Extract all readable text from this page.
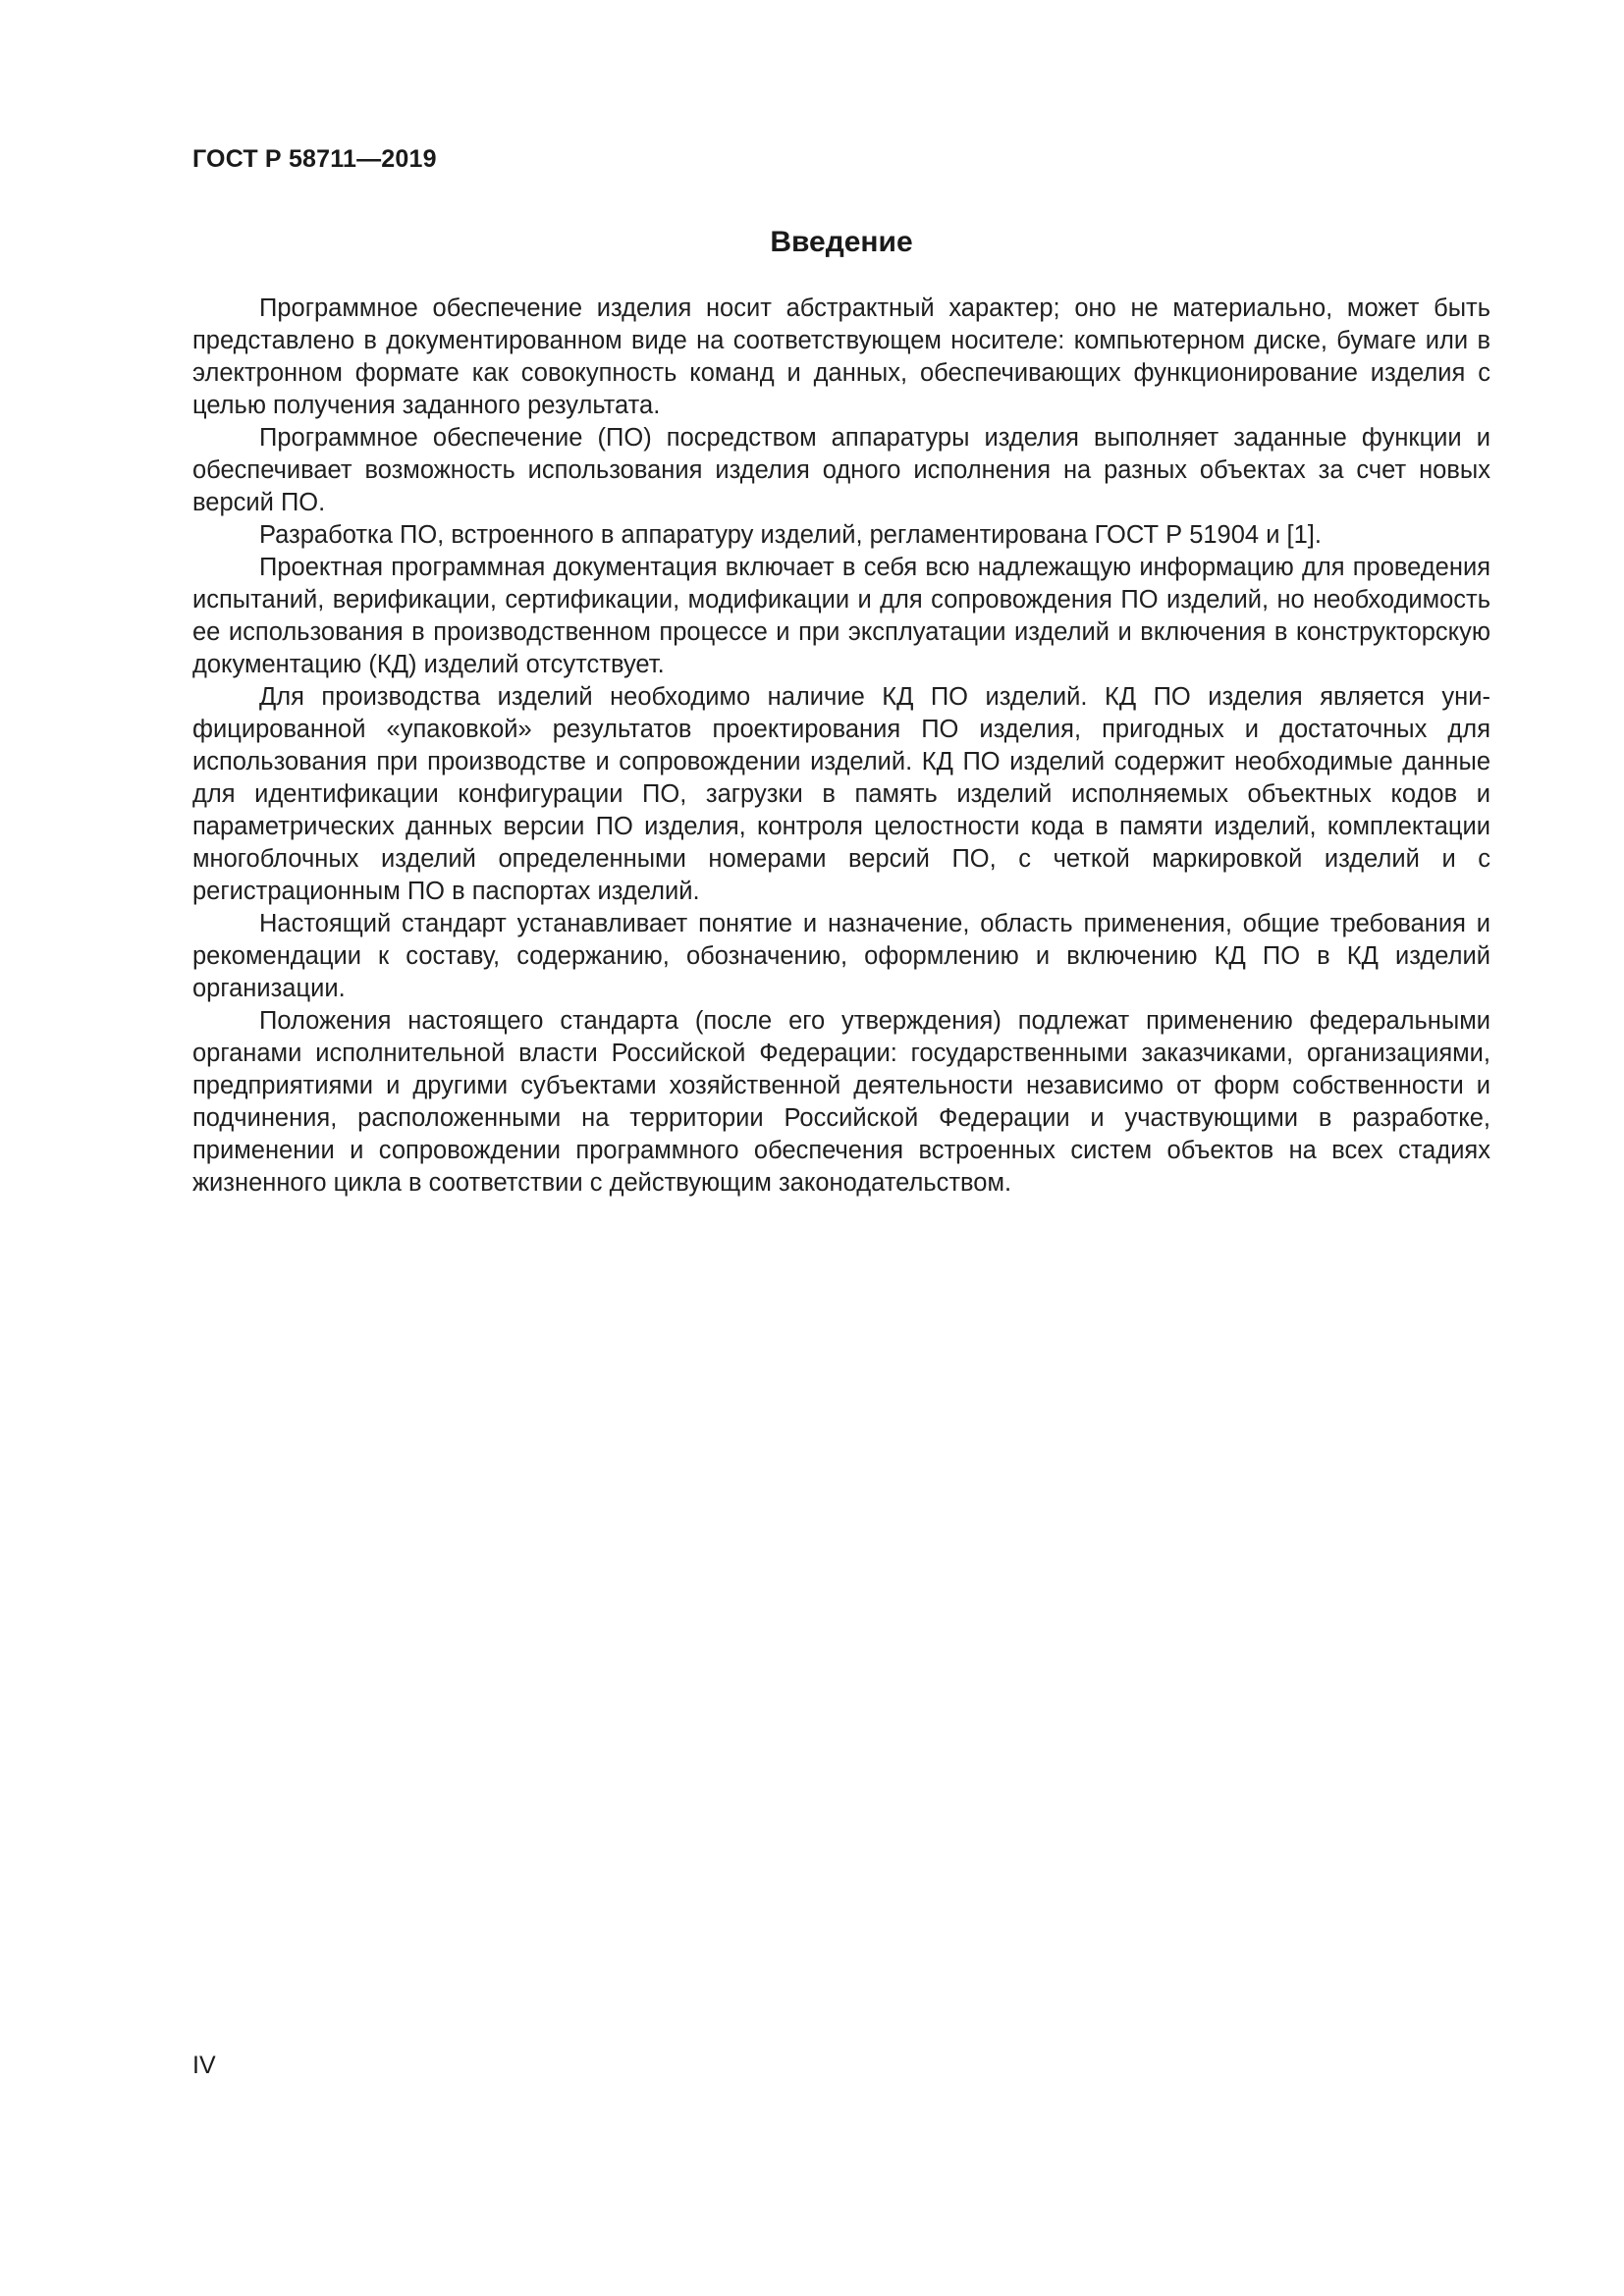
ГОСТ Р 58711—2019
Введение

Программное обеспечение изделия носит абстрактный характер; оно не материально, может быть представлено в документированном виде на соответствующем носителе: компьютерном диске, бумаге или в электронном формате как совокупность команд и данных, обеспечивающих функционирование изделия с целью получения заданного результата.

Программное обеспечение (ПО) посредством аппаратуры изделия выполняет заданные функции и обеспечивает возможность использования изделия одного исполнения на разных объектах за счет новых версий ПО.

Разработка ПО, встроенного в аппаратуру изделий, регламентирована ГОСТ Р 51904 и [1].

Проектная программная документация включает в себя всю надлежащую информацию для проведения испытаний, верификации, сертификации, модификации и для сопровождения ПО изделий, но необходимость ее использования в производственном процессе и при эксплуатации изделий и включения в конструкторскую документацию (КД) изделий отсутствует.

Для производства изделий необходимо наличие КД ПО изделий. КД ПО изделия является унифицированной «упаковкой» результатов проектирования ПО изделия, пригодных и достаточных для использования при производстве и сопровождении изделий. КД ПО изделий содержит необходимые данные для идентификации конфигурации ПО, загрузки в память изделий исполняемых объектных кодов и параметрических данных версии ПО изделия, контроля целостности кода в памяти изделий, комплектации многоблочных изделий определенными номерами версий ПО, с четкой маркировкой изделий и с регистрационным ПО в паспортах изделий.

Настоящий стандарт устанавливает понятие и назначение, область применения, общие требования и рекомендации к составу, содержанию, обозначению, оформлению и включению КД ПО в КД изделий организации.

Положения настоящего стандарта (после его утверждения) подлежат применению федеральными органами исполнительной власти Российской Федерации: государственными заказчиками, организациями, предприятиями и другими субъектами хозяйственной деятельности независимо от форм собственности и подчинения, расположенными на территории Российской Федерации и участвующими в разработке, применении и сопровождении программного обеспечения встроенных систем объектов на всех стадиях жизненного цикла в соответствии с действующим законодательством.

IV
